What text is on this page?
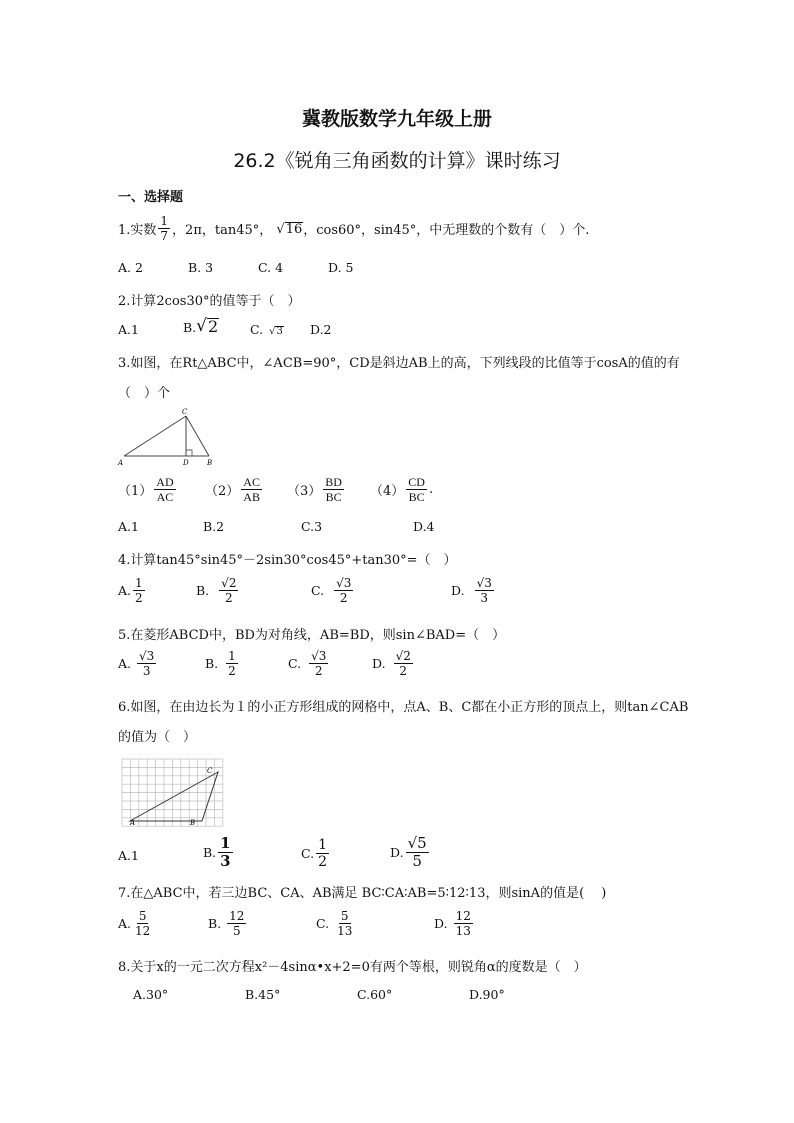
冀教版数学九年级上册
26.2《锐角三角函数的计算》课时练习
一、选择题
1.实数 $\frac{1}{7}$ ，2π，tan45°， √ 16 ，cos60°，sin45°，中无理数的个数有（　）个.
A. 2	B. 3	C. 4	D. 5
2.计算2cos30°的值等于（　）
A.1	B. √ 2	C. √ 3 D.2
3.如图，在Rt△ABC中，∠ACB=90°，CD是斜边AB上的高，下列线段的比值等于cosA的值的有
（　）个
A
C
D	B
$(1) \frac{AD}{AC} (2) \frac{AC}{AB} (3) \frac{BD}{BC} (4) \frac{CD}{BC}$ .
A.1	B.2	C.3	D.4
4.计算tan45°sin45°－2sin30°cos45°+tan30°=（　）
A. $\frac{1}{2}$	B. $\frac{√2}{2}$	C. $\frac{√3}{2}$	D. $\frac{√3}{3}$
5.在菱形ABCD中，BD为对角线，AB=BD，则sin∠BAD=（　）
A. $\frac{√3}{3}$	B. $\frac{1}{2}$	C. $\frac{√3}{2}$	D. $\frac{√2}{2}$
6.如图，在由边长为１的小正方形组成的网格中，点A、B、C都在小正方形的顶点上，则tan∠CAB
的值为（　）
A
C
B
A.1	B. $\frac{1}{3}$	C. $\frac{1}{2}$	D. $\frac{√5}{5}$
7.在△ABC中，若三边BC、CA、AB满足 BC∶CA∶AB=5∶12∶13，则sinA的值是(　 )
A. $\frac{5}{12}$	B. $\frac{12}{5}$	C. $\frac{5}{13}$	D. $\frac{12}{13}$
8.关于x的一元二次方程x²－4sinα•x+2=0有两个等根，则锐角α的度数是（　）
A.30°	B.45°	C.60°	D.90°
